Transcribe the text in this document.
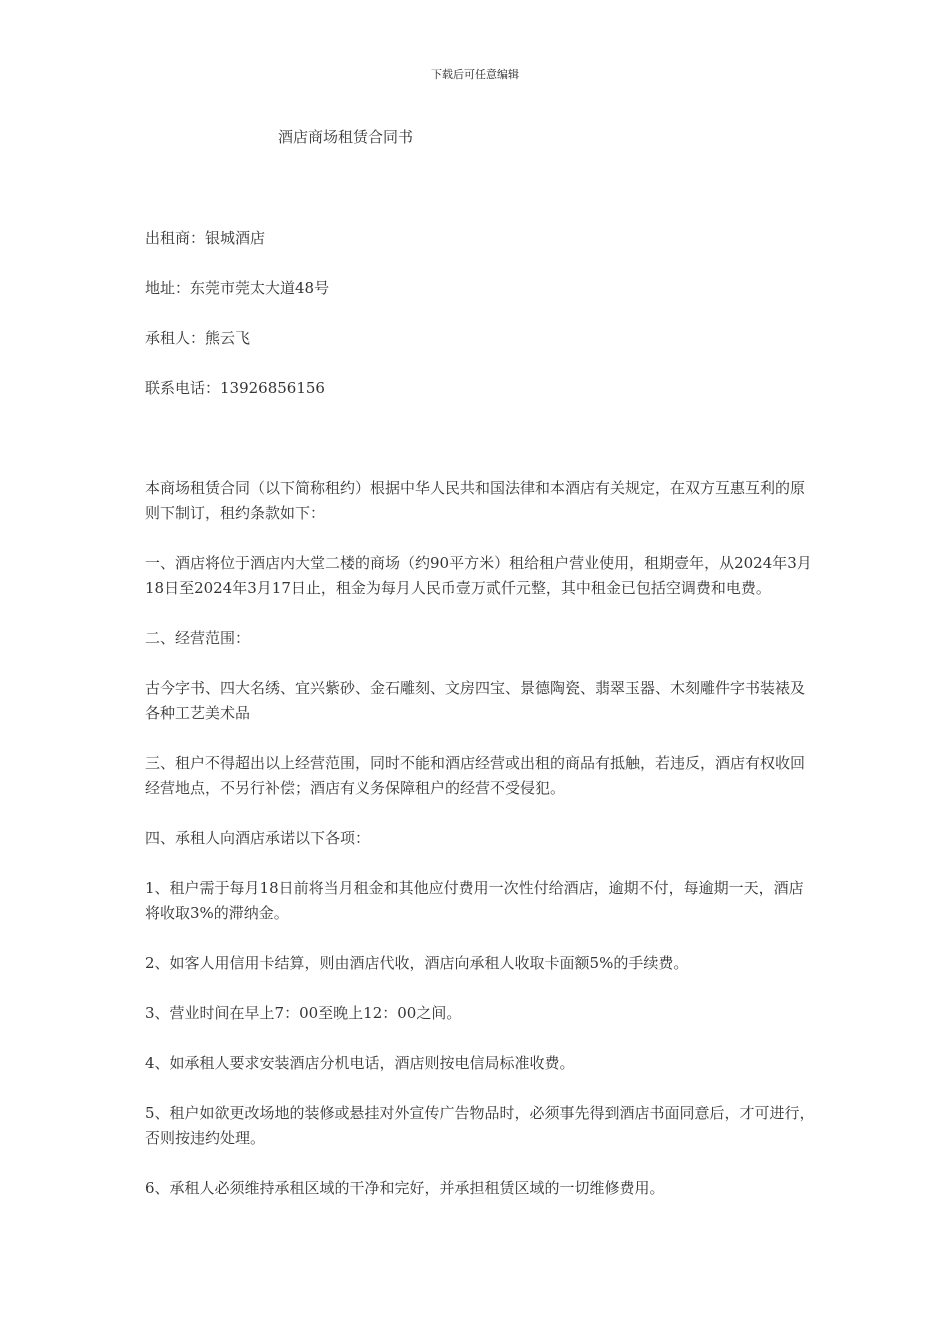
下载后可任意编辑
酒店商场租赁合同书

出租商：银城酒店

地址：东莞市莞太大道48号

承租人：熊云飞

联系电话：13926856156

本商场租赁合同（以下简称租约）根据中华人民共和国法律和本酒店有关规定，在双方互惠互利的原则下制订，租约条款如下：

一、酒店将位于酒店内大堂二楼的商场（约90平方米）租给租户营业使用，租期壹年，从2024年3月18日至2024年3月17日止，租金为每月人民币壹万贰仟元整，其中租金已包括空调费和电费。

二、经营范围：

古今字书、四大名绣、宜兴紫砂、金石雕刻、文房四宝、景德陶瓷、翡翠玉器、木刻雕件字书装裱及各种工艺美术品

三、租户不得超出以上经营范围，同时不能和酒店经营或出租的商品有抵触，若违反，酒店有权收回经营地点，不另行补偿；酒店有义务保障租户的经营不受侵犯。

四、承租人向酒店承诺以下各项：

1、租户需于每月18日前将当月租金和其他应付费用一次性付给酒店，逾期不付，每逾期一天，酒店将收取3%的滞纳金。

2、如客人用信用卡结算，则由酒店代收，酒店向承租人收取卡面额5%的手续费。

3、营业时间在早上7：00至晚上12：00之间。

4、如承租人要求安装酒店分机电话，酒店则按电信局标准收费。

5、租户如欲更改场地的装修或悬挂对外宣传广告物品时，必须事先得到酒店书面同意后，才可进行，否则按违约处理。

6、承租人必须维持承租区域的干净和完好，并承担租赁区域的一切维修费用。
